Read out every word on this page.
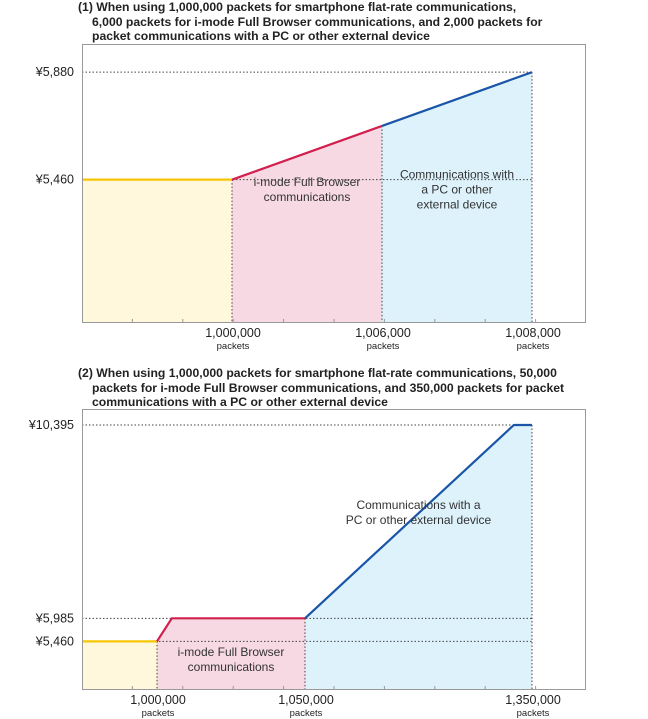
(1) When using 1,000,000 packets for smartphone flat-rate communications,
6,000 packets for i-mode Full Browser communications, and 2,000 packets for
packet communications with a PC or other external device

(2) When using 1,000,000 packets for smartphone flat-rate communications, 50,000
packets for i-mode Full Browser communications, and 350,000 packets for packet
communications with a PC or other external device

¥5,880
¥5,460
1,000,000
packets
1,006,000
packets
1,008,000
packets
i-mode Full Browser
communications
Communications with
a PC or other
external device
¥10,395
¥5,985
¥5,460
1,000,000
packets
1,050,000
packets
1,350,000
packets
i-mode Full Browser
communications
Communications with a
PC or other external device
